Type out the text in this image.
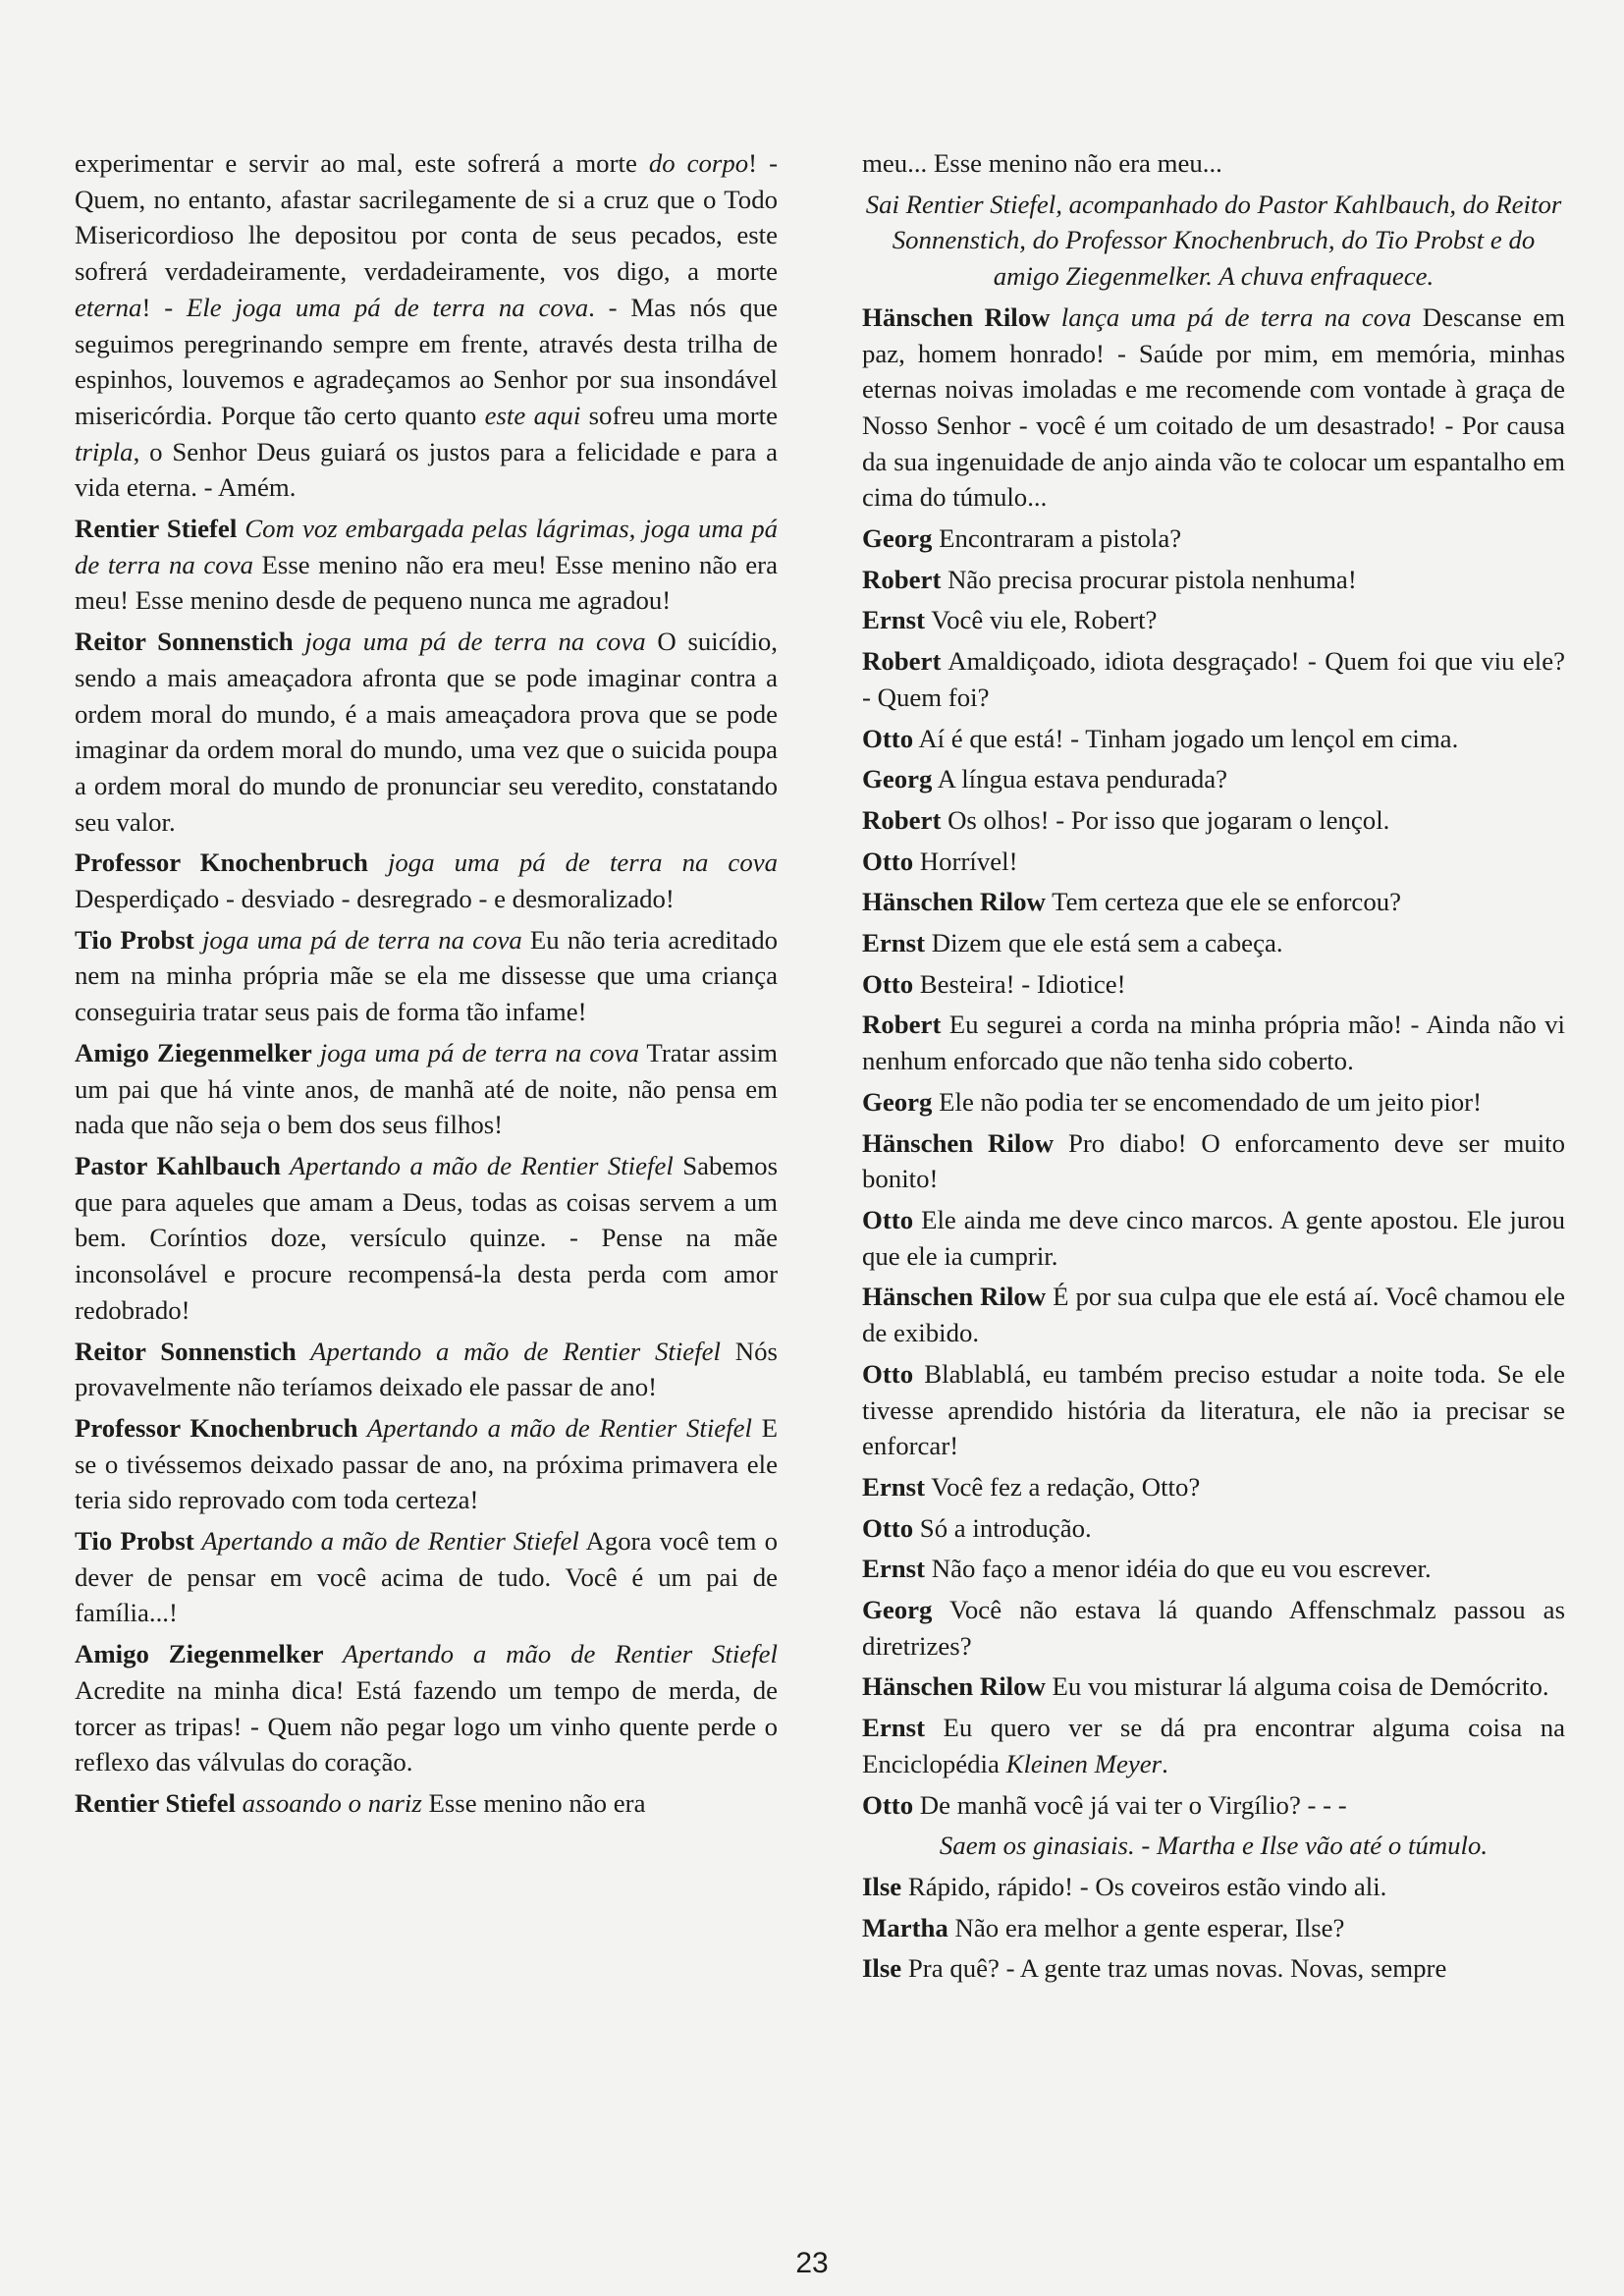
experimentar e servir ao mal, este sofrerá a morte do corpo! - Quem, no entanto, afastar sacrilegamente de si a cruz que o Todo Misericordioso lhe depositou por conta de seus pecados, este sofrerá verdadeiramente, verdadeiramente, vos digo, a morte eterna! - Ele joga uma pá de terra na cova. - Mas nós que seguimos peregrinando sempre em frente, através desta trilha de espinhos, louvemos e agradeçamos ao Senhor por sua insondável misericórdia. Porque tão certo quanto este aqui sofreu uma morte tripla, o Senhor Deus guiará os justos para a felicidade e para a vida eterna. - Amém.

Rentier Stiefel Com voz embargada pelas lágrimas, joga uma pá de terra na cova Esse menino não era meu! Esse menino não era meu! Esse menino desde de pequeno nunca me agradou!

Reitor Sonnenstich joga uma pá de terra na cova O suicídio, sendo a mais ameaçadora afronta que se pode imaginar contra a ordem moral do mundo, é a mais ameaçadora prova que se pode imaginar da ordem moral do mundo, uma vez que o suicida poupa a ordem moral do mundo de pronunciar seu veredito, constatando seu valor.

Professor Knochenbruch joga uma pá de terra na cova Desperdiçado - desviado - desregrado - e desmoralizado!

Tio Probst joga uma pá de terra na cova Eu não teria acreditado nem na minha própria mãe se ela me dissesse que uma criança conseguiria tratar seus pais de forma tão infame!

Amigo Ziegenmelker joga uma pá de terra na cova Tratar assim um pai que há vinte anos, de manhã até de noite, não pensa em nada que não seja o bem dos seus filhos!

Pastor Kahlbauch Apertando a mão de Rentier Stiefel Sabemos que para aqueles que amam a Deus, todas as coisas servem a um bem. Coríntios doze, versículo quinze. - Pense na mãe inconsolável e procure recompensá-la desta perda com amor redobrado!

Reitor Sonnenstich Apertando a mão de Rentier Stiefel Nós provavelmente não teríamos deixado ele passar de ano!

Professor Knochenbruch Apertando a mão de Rentier Stiefel E se o tivéssemos deixado passar de ano, na próxima primavera ele teria sido reprovado com toda certeza!

Tio Probst Apertando a mão de Rentier Stiefel Agora você tem o dever de pensar em você acima de tudo. Você é um pai de família...!

Amigo Ziegenmelker Apertando a mão de Rentier Stiefel Acredite na minha dica! Está fazendo um tempo de merda, de torcer as tripas! - Quem não pegar logo um vinho quente perde o reflexo das válvulas do coração.

Rentier Stiefel assoando o nariz Esse menino não era

meu... Esse menino não era meu...

Sai Rentier Stiefel, acompanhado do Pastor Kahlbauch, do Reitor Sonnenstich, do Professor Knochenbruch, do Tio Probst e do amigo Ziegenmelker. A chuva enfraquece.

Hänschen Rilow lança uma pá de terra na cova Descanse em paz, homem honrado! - Saúde por mim, em memória, minhas eternas noivas imoladas e me recomende com vontade à graça de Nosso Senhor - você é um coitado de um desastrado! - Por causa da sua ingenuidade de anjo ainda vão te colocar um espantalho em cima do túmulo...

Georg Encontraram a pistola?

Robert Não precisa procurar pistola nenhuma!

Ernst Você viu ele, Robert?

Robert Amaldiçoado, idiota desgraçado! - Quem foi que viu ele? - Quem foi?

Otto Aí é que está! - Tinham jogado um lençol em cima.

Georg A língua estava pendurada?

Robert Os olhos! - Por isso que jogaram o lençol.

Otto Horrível!

Hänschen Rilow Tem certeza que ele se enforcou?

Ernst Dizem que ele está sem a cabeça.

Otto Besteira! - Idiotice!

Robert Eu segurei a corda na minha própria mão! - Ainda não vi nenhum enforcado que não tenha sido coberto.

Georg Ele não podia ter se encomendado de um jeito pior!

Hänschen Rilow Pro diabo! O enforcamento deve ser muito bonito!

Otto Ele ainda me deve cinco marcos. A gente apostou. Ele jurou que ele ia cumprir.

Hänschen Rilow É por sua culpa que ele está aí. Você chamou ele de exibido.

Otto Blablablá, eu também preciso estudar a noite toda. Se ele tivesse aprendido história da literatura, ele não ia precisar se enforcar!

Ernst Você fez a redação, Otto?

Otto Só a introdução.

Ernst Não faço a menor idéia do que eu vou escrever.

Georg Você não estava lá quando Affenschmalz passou as diretrizes?

Hänschen Rilow Eu vou misturar lá alguma coisa de Demócrito.

Ernst Eu quero ver se dá pra encontrar alguma coisa na Enciclopédia Kleinen Meyer.

Otto De manhã você já vai ter o Virgílio? - - -

Saem os ginasiais. - Martha e Ilse vão até o túmulo.

Ilse Rápido, rápido! - Os coveiros estão vindo ali.

Martha Não era melhor a gente esperar, Ilse?

Ilse Pra quê? - A gente traz umas novas. Novas, sempre

23
